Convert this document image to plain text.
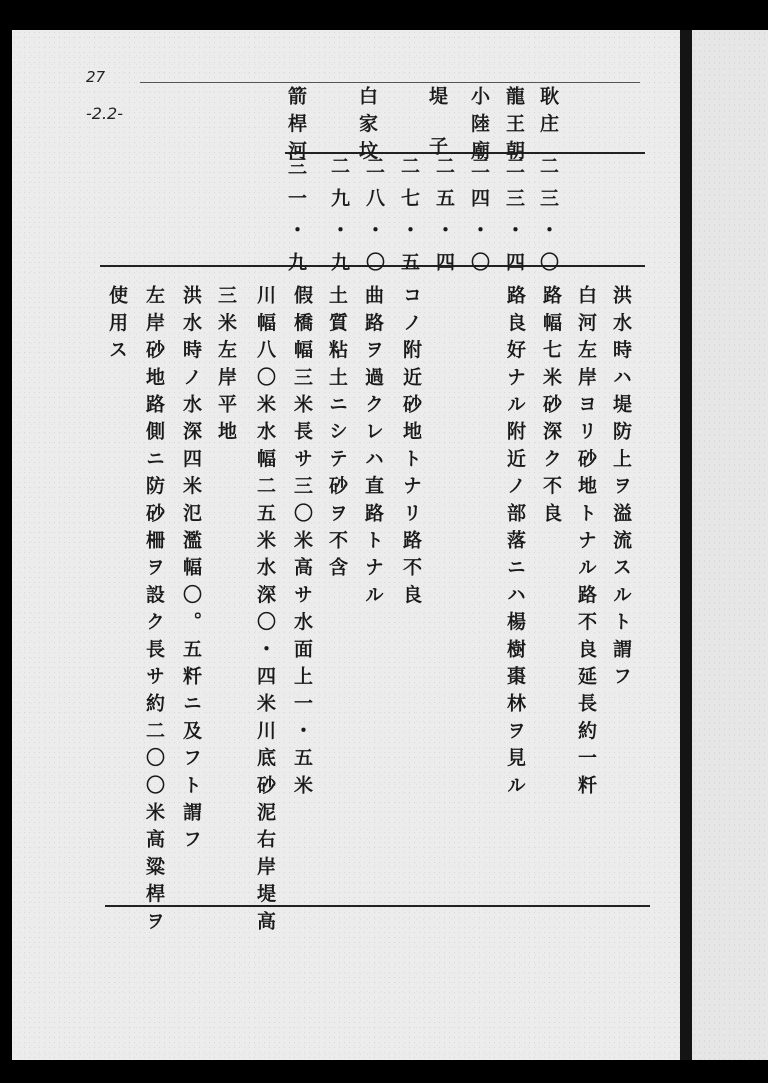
27
-2.2-	耿庄
龍王朝
小陸廟
堤子
白家坟
箭桿河
二三・〇
二三・四
二四・〇
二五・四
二七・五
二八・〇
二九・九
三一・九
洪水時ハ堤防上ヲ溢流スルト謂フ
白河左岸ヨリ砂地トナル路不良延長約一粁
路幅七米砂深ク不良
路良好ナル附近ノ部落ニハ楊樹棗林ヲ見ル
コノ附近砂地トナリ路不良
曲路ヲ過クレハ直路トナル
土質粘土ニシテ砂ヲ不含
假橋幅三米長サ三〇米高サ水面上一・五米
川幅八〇米水幅二五米水深〇・四米川底砂泥右岸堤高
三米左岸平地
洪水時ノ水深四米氾濫幅〇。五粁ニ及フト謂フ
左岸砂地路側ニ防砂柵ヲ設ク長サ約二〇〇米高粱桿ヲ
使用ス
